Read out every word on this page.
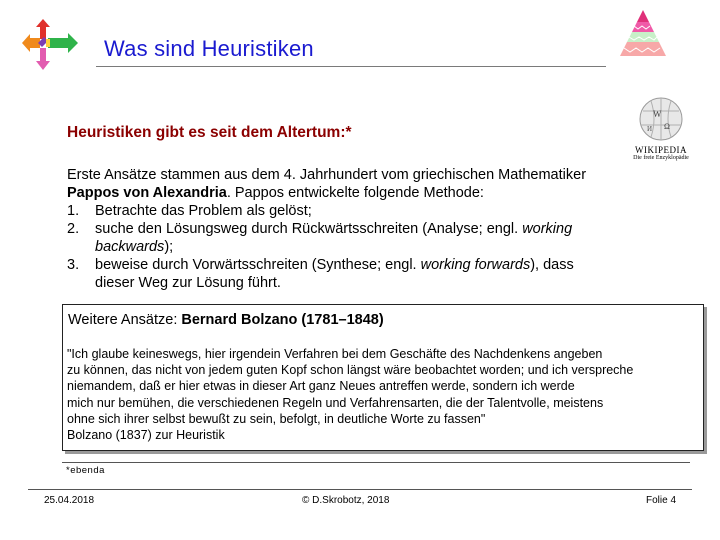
Was sind Heuristiken
W
Ω
И
WIKIPEDIA
Die freie Enzyklopädie
Heuristiken gibt es seit dem Altertum:*
Erste Ansätze stammen aus dem 4. Jahrhundert vom griechischen Mathematiker
Pappos von Alexandria. Pappos entwickelte folgende Methode:
1. Betrachte das Problem als gelöst;
2. suche den Lösungsweg durch Rückwärtsschreiten (Analyse; engl. working
backwards);
3. beweise durch Vorwärtsschreiten (Synthese; engl. working forwards), dass
dieser Weg zur Lösung führt.
Weitere Ansätze: Bernard Bolzano (1781–1848)
"Ich glaube keineswegs, hier irgendein Verfahren bei dem Geschäfte des Nachdenkens angeben
zu können, das nicht von jedem guten Kopf schon längst wäre beobachtet worden; und ich verspreche
niemandem, daß er hier etwas in dieser Art ganz Neues antreffen werde, sondern ich werde
mich nur bemühen, die verschiedenen Regeln und Verfahrensarten, die der Talentvolle, meistens
ohne sich ihrer selbst bewußt zu sein, befolgt, in deutliche Worte zu fassen"
Bolzano (1837) zur Heuristik
*ebenda
25.04.2018	© D.Skrobotz, 2018	Folie 4
